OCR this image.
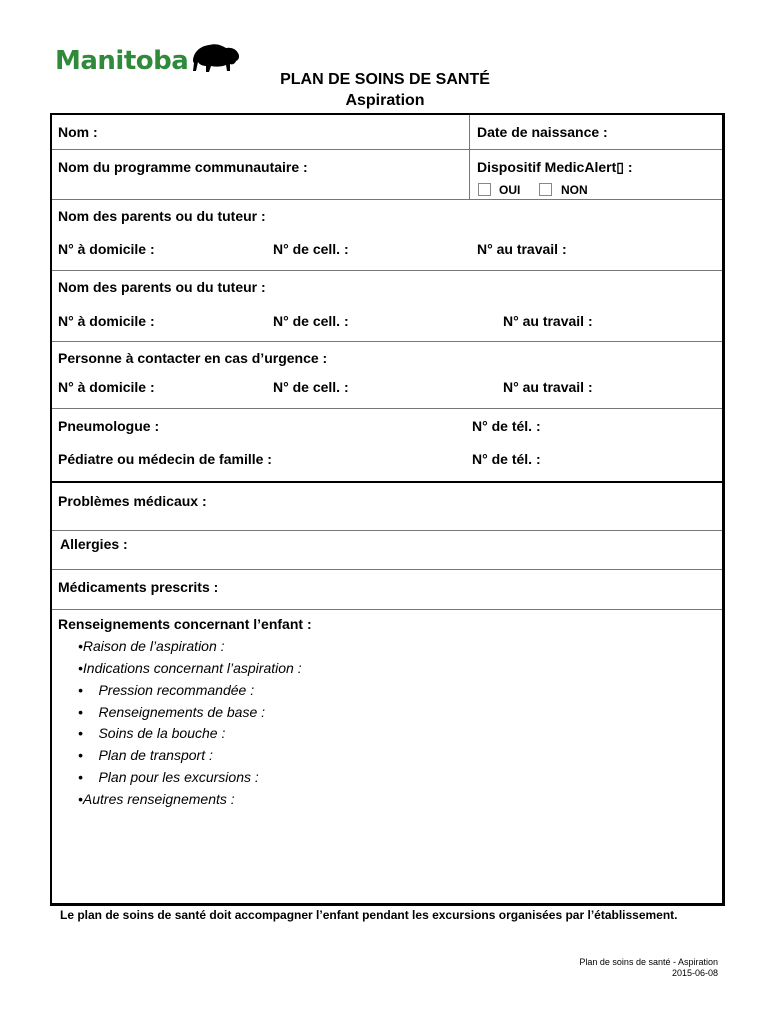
Manitoba
PLAN DE SOINS DE SANTÉ
Aspiration
Nom :	Date de naissance :
Nom du programme communautaire :	Dispositif MedicAlert▯ :
OUI	NON
Nom des parents ou du tuteur :
N° à domicile :	N° de cell. :	N° au travail :
Nom des parents ou du tuteur :
N° à domicile :	N° de cell. :	N° au travail :
Personne à contacter en cas d’urgence :
N° à domicile :	N° de cell. :	N° au travail :
Pneumologue :	N° de tél. :
Pédiatre ou médecin de famille :	N° de tél. :
Problèmes médicaux :
Allergies :
Médicaments prescrits :
Renseignements concernant l’enfant :
•Raison de l’aspiration :
•Indications concernant l’aspiration :
•    Pression recommandée :
•    Renseignements de base :
•    Soins de la bouche :
•    Plan de transport :
•    Plan pour les excursions :
•Autres renseignements :
Le plan de soins de santé doit accompagner l’enfant pendant les excursions organisées par l’établissement.
Plan de soins de santé - Aspiration
2015-06-08
